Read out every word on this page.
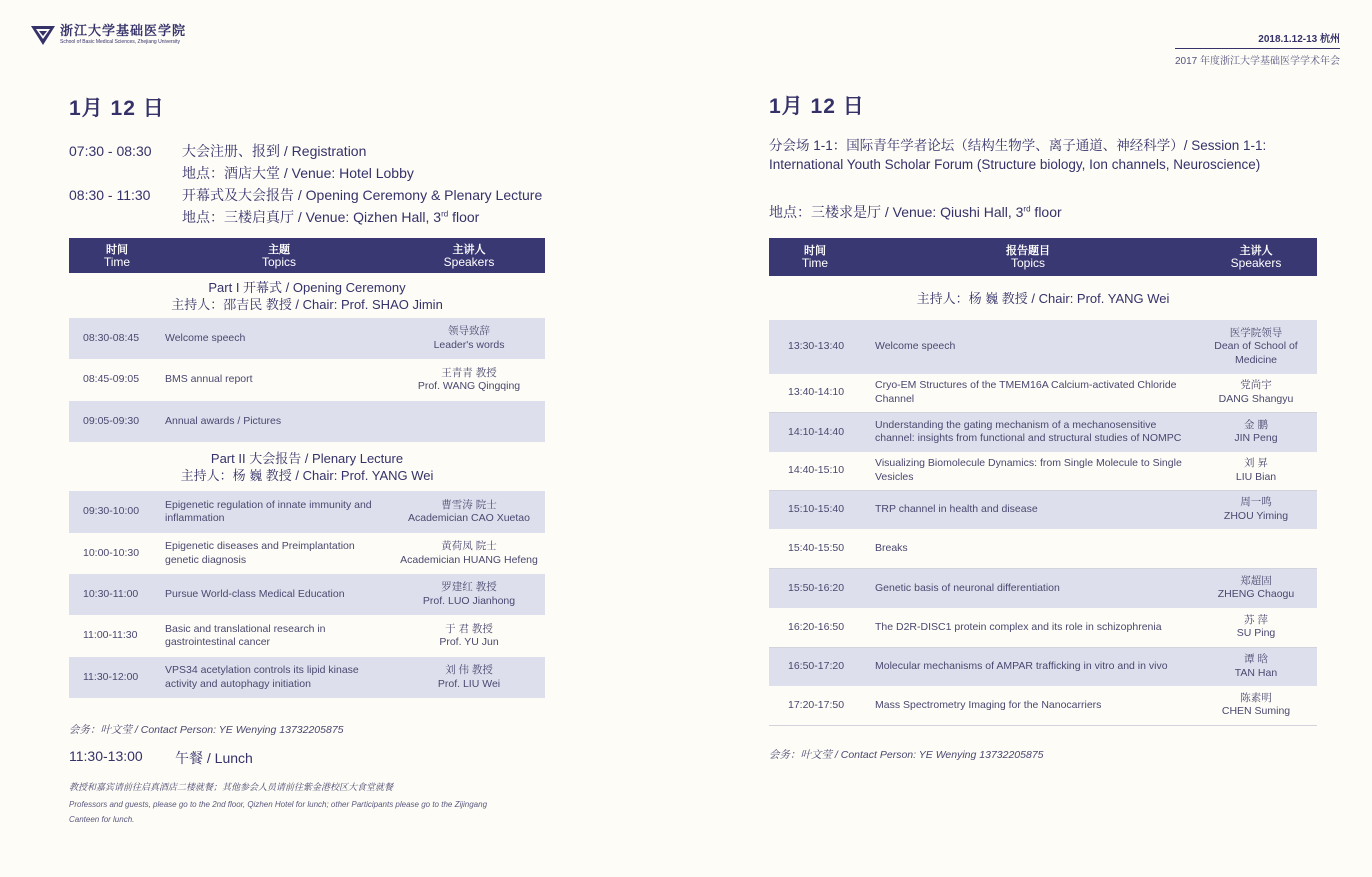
浙江大学基础医学院
School of Basic Medical Sciences, Zhejiang University	2018.1.12-13 杭州
2017 年度浙江大学基础医学学术年会
1月 12 日
07:30 - 08:30	大会注册、报到 / Registration
地点：酒店大堂 / Venue: Hotel Lobby
08:30 - 11:30	开幕式及大会报告 / Opening Ceremony & Plenary Lecture
地点：三楼启真厅 / Venue: Qizhen Hall, 3rd floor
时间
Time	主题
Topics	主讲人
Speakers

Part I 开幕式 / Opening Ceremony
主持人：邵吉民 教授 / Chair: Prof. SHAO Jimin		

08:30-08:45	Welcome speech	领导致辞
Leader's words

08:45-09:05	BMS annual report	王青青 教授
Prof. WANG Qingqing

09:05-09:30	Annual awards / Pictures	

Part II 大会报告 / Plenary Lecture
主持人：杨 巍 教授 / Chair: Prof. YANG Wei		

09:30-10:00	Epigenetic regulation of innate immunity and inflammation	曹雪涛 院士
Academician CAO Xuetao

10:00-10:30	Epigenetic diseases and Preimplantation genetic diagnosis	黄荷凤 院士
Academician HUANG Hefeng

10:30-11:00	Pursue World-class Medical Education	罗建红 教授
Prof. LUO Jianhong

11:00-11:30	Basic and translational research in gastrointestinal cancer	于 君 教授
Prof. YU Jun

11:30-12:00	VPS34 acetylation controls its lipid kinase activity and autophagy initiation	刘 伟 教授
Prof. LIU Wei
会务：叶文莹 / Contact Person: YE Wenying 13732205875
11:30-13:00	午餐 / Lunch
教授和嘉宾请前往启真酒店二楼就餐；其他参会人员请前往紫金港校区大食堂就餐
Professors and guests, please go to the 2nd floor, Qizhen Hotel for lunch; other Participants please go to the Zijingang Canteen for lunch.
1月 12 日
分会场 1-1：国际青年学者论坛（结构生物学、离子通道、神经科学）/ Session 1-1: International Youth Scholar Forum (Structure biology, Ion channels, Neuroscience)
地点：三楼求是厅 / Venue: Qiushi Hall, 3rd floor
时间
Time	报告题目
Topics	主讲人
Speakers

主持人：杨 巍 教授 / Chair: Prof. YANG Wei		
13:30-13:40	Welcome speech	医学院领导
Dean of School of Medicine

13:40-14:10	Cryo-EM Structures of the TMEM16A Calcium-activated Chloride Channel	党尚宇
DANG Shangyu

14:10-14:40	Understanding the gating mechanism of a mechanosensitive channel: insights from functional and structural studies of NOMPC	金 鹏
JIN Peng

14:40-15:10	Visualizing Biomolecule Dynamics: from Single Molecule to Single Vesicles	刘 昇
LIU Bian

15:10-15:40	TRP channel in health and disease	周一鸣
ZHOU Yiming

15:40-15:50	Breaks	

15:50-16:20	Genetic basis of neuronal differentiation	郑超固
ZHENG Chaogu

16:20-16:50	The D2R-DISC1 protein complex and its role in schizophrenia	苏 萍
SU Ping

16:50-17:20	Molecular mechanisms of AMPAR trafficking in vitro and in vivo	谭 晗
TAN Han

17:20-17:50	Mass Spectrometry Imaging for the Nanocarriers	陈素明
CHEN Suming
会务：叶文莹 / Contact Person: YE Wenying 13732205875
